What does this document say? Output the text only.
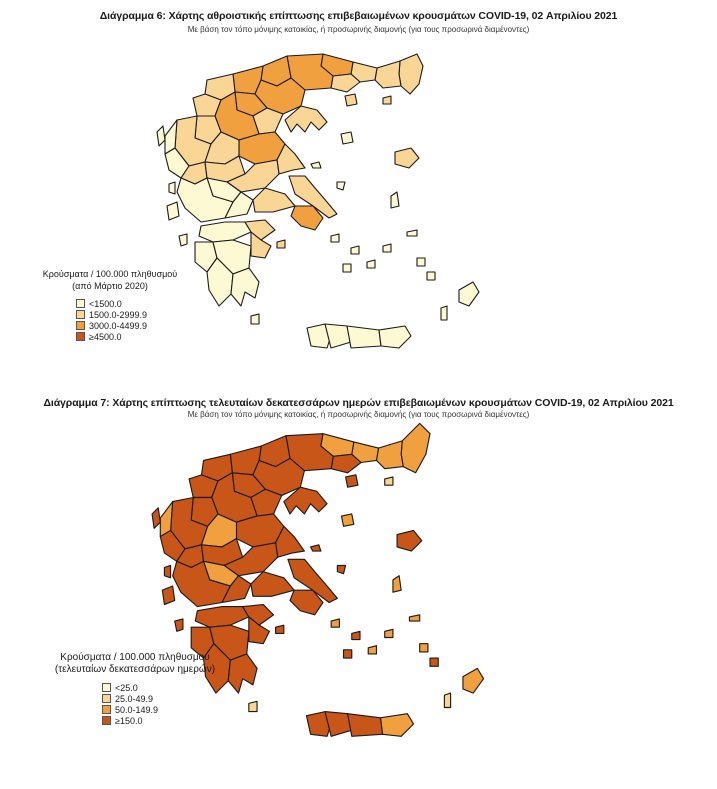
Διάγραμμα 6: Χάρτης αθροιστικής επίπτωσης επιβεβαιωμένων κρουσμάτων COVID-19, 02 Απριλίου 2021
Με βάση τον τόπο μόνιμης κατοικίας, ή προσωρινής διαμονής (για τους προσωρινά διαμένοντες)
Κρούσματα / 100.000 πληθυσμού
(από Μάρτιο 2020)
<1500.0
1500.0-2999.9
3000.0-4499.9
≥4500.0
Διάγραμμα 7: Χάρτης επίπτωσης τελευταίων δεκατεσσάρων ημερών επιβεβαιωμένων κρουσμάτων COVID-19, 02 Απριλίου 2021
Με βάση τον τόπο μόνιμης κατοικίας, ή προσωρινής διαμονής (για τους προσωρινά διαμένοντες)
Κρούσματα / 100.000 πληθυσμού
(τελευταίων δεκατεσσάρων ημερών)
<25.0
25.0-49.9
50.0-149.9
≥150.0
